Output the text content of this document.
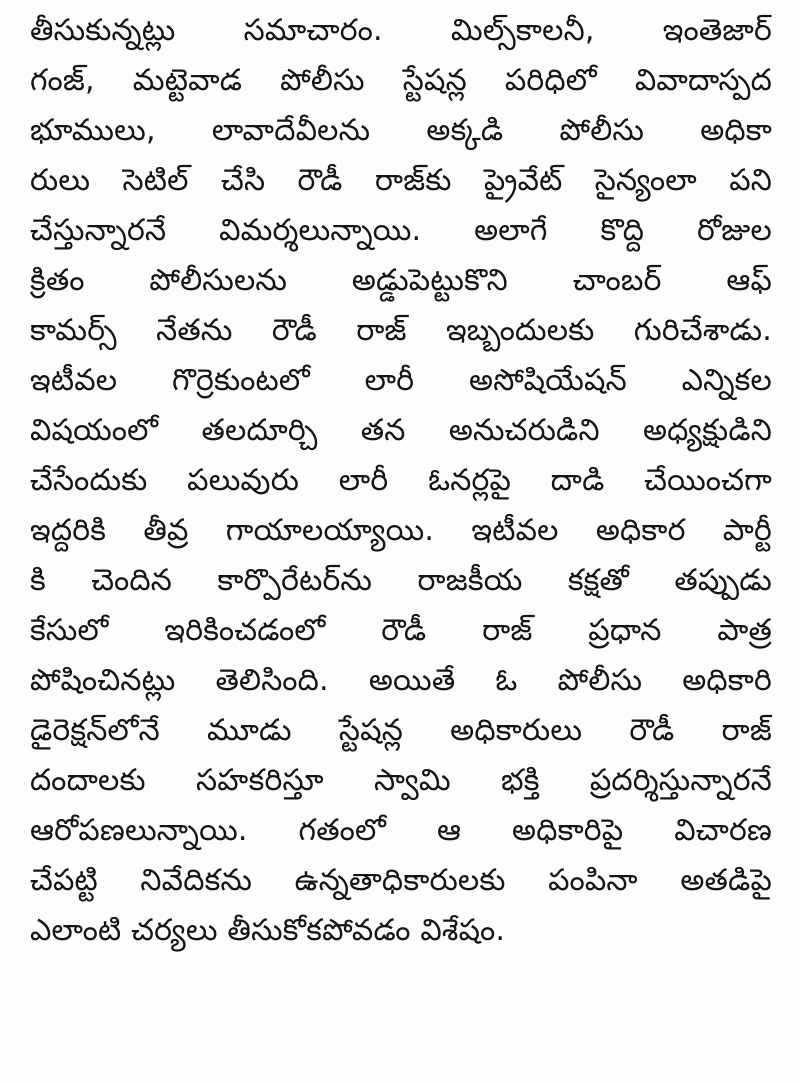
తీసుకున్నట్లు సమాచారం. మిల్స్‌కాలనీ, ఇంతెజార్
గంజ్, మట్టెవాడ పోలీసు స్టేషన్ల పరిధిలో వివాదాస్పద
భూములు, లావాదేవీలను అక్కడి పోలీసు అధికా
రులు సెటిల్ చేసి రౌడీ రాజ్‌కు ప్రైవేట్ సైన్యంలా పని
చేస్తున్నారనే విమర్శలున్నాయి. అలాగే కొద్ది రోజుల
క్రితం పోలీసులను అడ్డుపెట్టుకొని చాంబర్ ఆఫ్
కామర్స్ నేతను రౌడీ రాజ్ ఇబ్బందులకు గురిచేశాడు.
ఇటీవల గొర్రెకుంటలో లారీ అసోషియేషన్ ఎన్నికల
విషయంలో తలదూర్చి తన అనుచరుడిని అధ్యక్షుడిని
చేసేందుకు పలువురు లారీ ఓనర్లపై దాడి చేయించగా
ఇద్దరికి తీవ్ర గాయాలయ్యాయి. ఇటీవల అధికార పార్టీ
కి చెందిన కార్పొరేటర్‌ను రాజకీయ కక్షతో తప్పుడు
కేసులో ఇరికించడంలో రౌడీ రాజ్ ప్రధాన పాత్ర
పోషించినట్లు తెలిసింది. అయితే ఓ పోలీసు అధికారి
డైరెక్షన్‌లోనే మూడు స్టేషన్ల అధికారులు రౌడీ రాజ్
దందాలకు సహకరిస్తూ స్వామి భక్తి ప్రదర్శిస్తున్నారనే
ఆరోపణలున్నాయి. గతంలో ఆ అధికారిపై విచారణ
చేపట్టి నివేదికను ఉన్నతాధికారులకు పంపినా అతడిపై
ఎలాంటి చర్యలు తీసుకోకపోవడం విశేషం.
